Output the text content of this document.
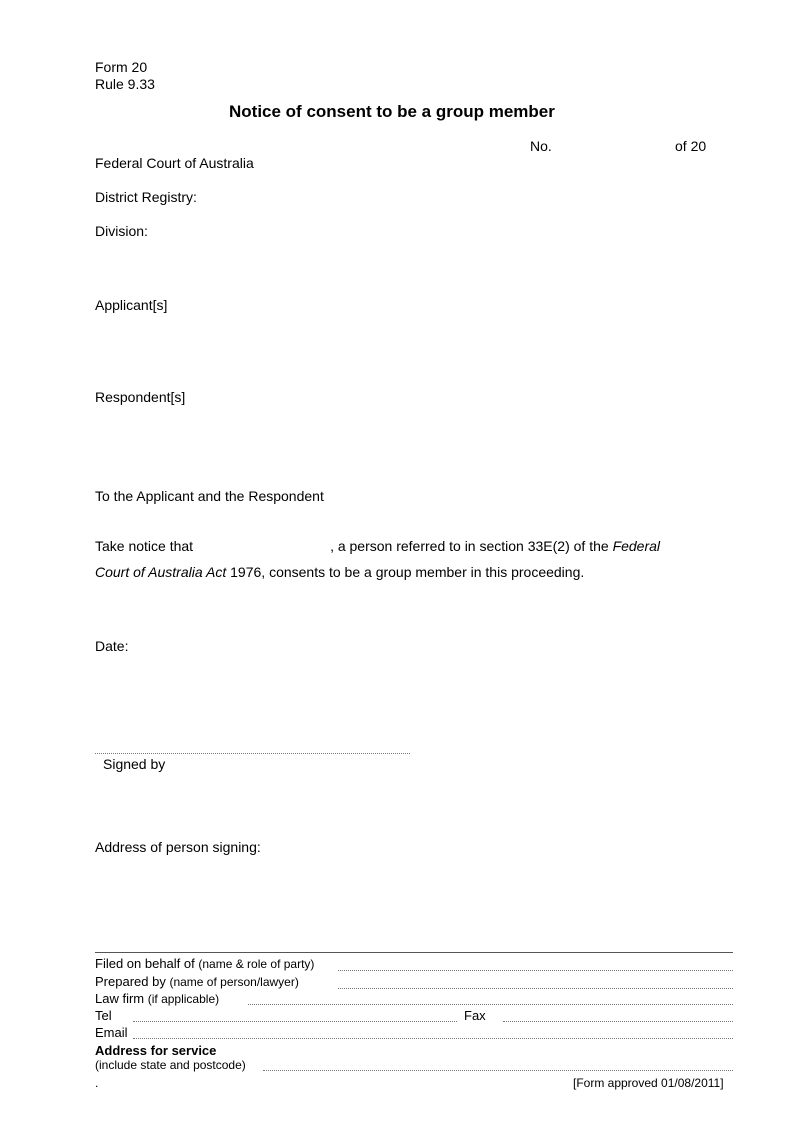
Form 20
Rule 9.33
Notice of consent to be a group member
No.	of 20
Federal Court of Australia
District Registry:
Division:
Applicant[s]
Respondent[s]
To the Applicant and the Respondent
Take notice that	, a person referred to in section 33E(2) of the Federal
Court of Australia Act 1976, consents to be a group member in this proceeding.
Date:
Signed by
Address of person signing:
Filed on behalf of (name & role of party)
Prepared by (name of person/lawyer)
Law firm (if applicable)
Tel	Fax
Email
Address for service
(include state and postcode)
.	[Form approved 01/08/2011]
